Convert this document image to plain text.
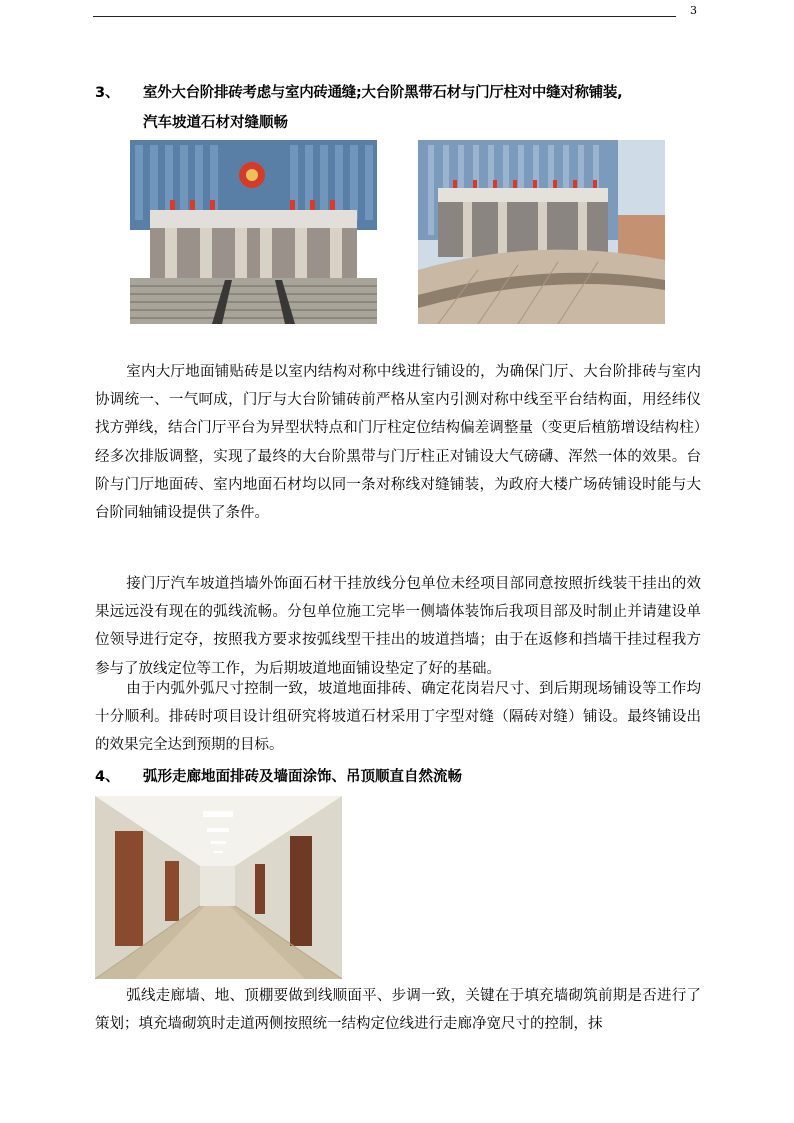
3
3、 室外大台阶排砖考虑与室内砖通缝;大台阶黑带石材与门厅柱对中缝对称铺装,
汽车坡道石材对缝顺畅

室内大厅地面铺贴砖是以室内结构对称中线进行铺设的，为确保门厅、大台阶排砖与室内协调统一、一气呵成，门厅与大台阶铺砖前严格从室内引测对称中线至平台结构面，用经纬仪找方弹线，结合门厅平台为异型状特点和门厅柱定位结构偏差调整量（变更后植筋增设结构柱）经多次排版调整，实现了最终的大台阶黑带与门厅柱正对铺设大气磅礴、浑然一体的效果。台阶与门厅地面砖、室内地面石材均以同一条对称线对缝铺装，为政府大楼广场砖铺设时能与大台阶同轴铺设提供了条件。

接门厅汽车坡道挡墙外饰面石材干挂放线分包单位未经项目部同意按照折线装干挂出的效果远远没有现在的弧线流畅。分包单位施工完毕一侧墙体装饰后我项目部及时制止并请建设单位领导进行定夺，按照我方要求按弧线型干挂出的坡道挡墙；由于在返修和挡墙干挂过程我方参与了放线定位等工作，为后期坡道地面铺设垫定了好的基础。

由于内弧外弧尺寸控制一致，坡道地面排砖、确定花岗岩尺寸、到后期现场铺设等工作均十分顺利。排砖时项目设计组研究将坡道石材采用丁字型对缝（隔砖对缝）铺设。最终铺设出的效果完全达到预期的目标。

4、 弧形走廊地面排砖及墙面涂饰、吊顶顺直自然流畅

弧线走廊墙、地、顶棚要做到线顺面平、步调一致，关键在于填充墙砌筑前期是否进行了策划；填充墙砌筑时走道两侧按照统一结构定位线进行走廊净宽尺寸的控制，抹
